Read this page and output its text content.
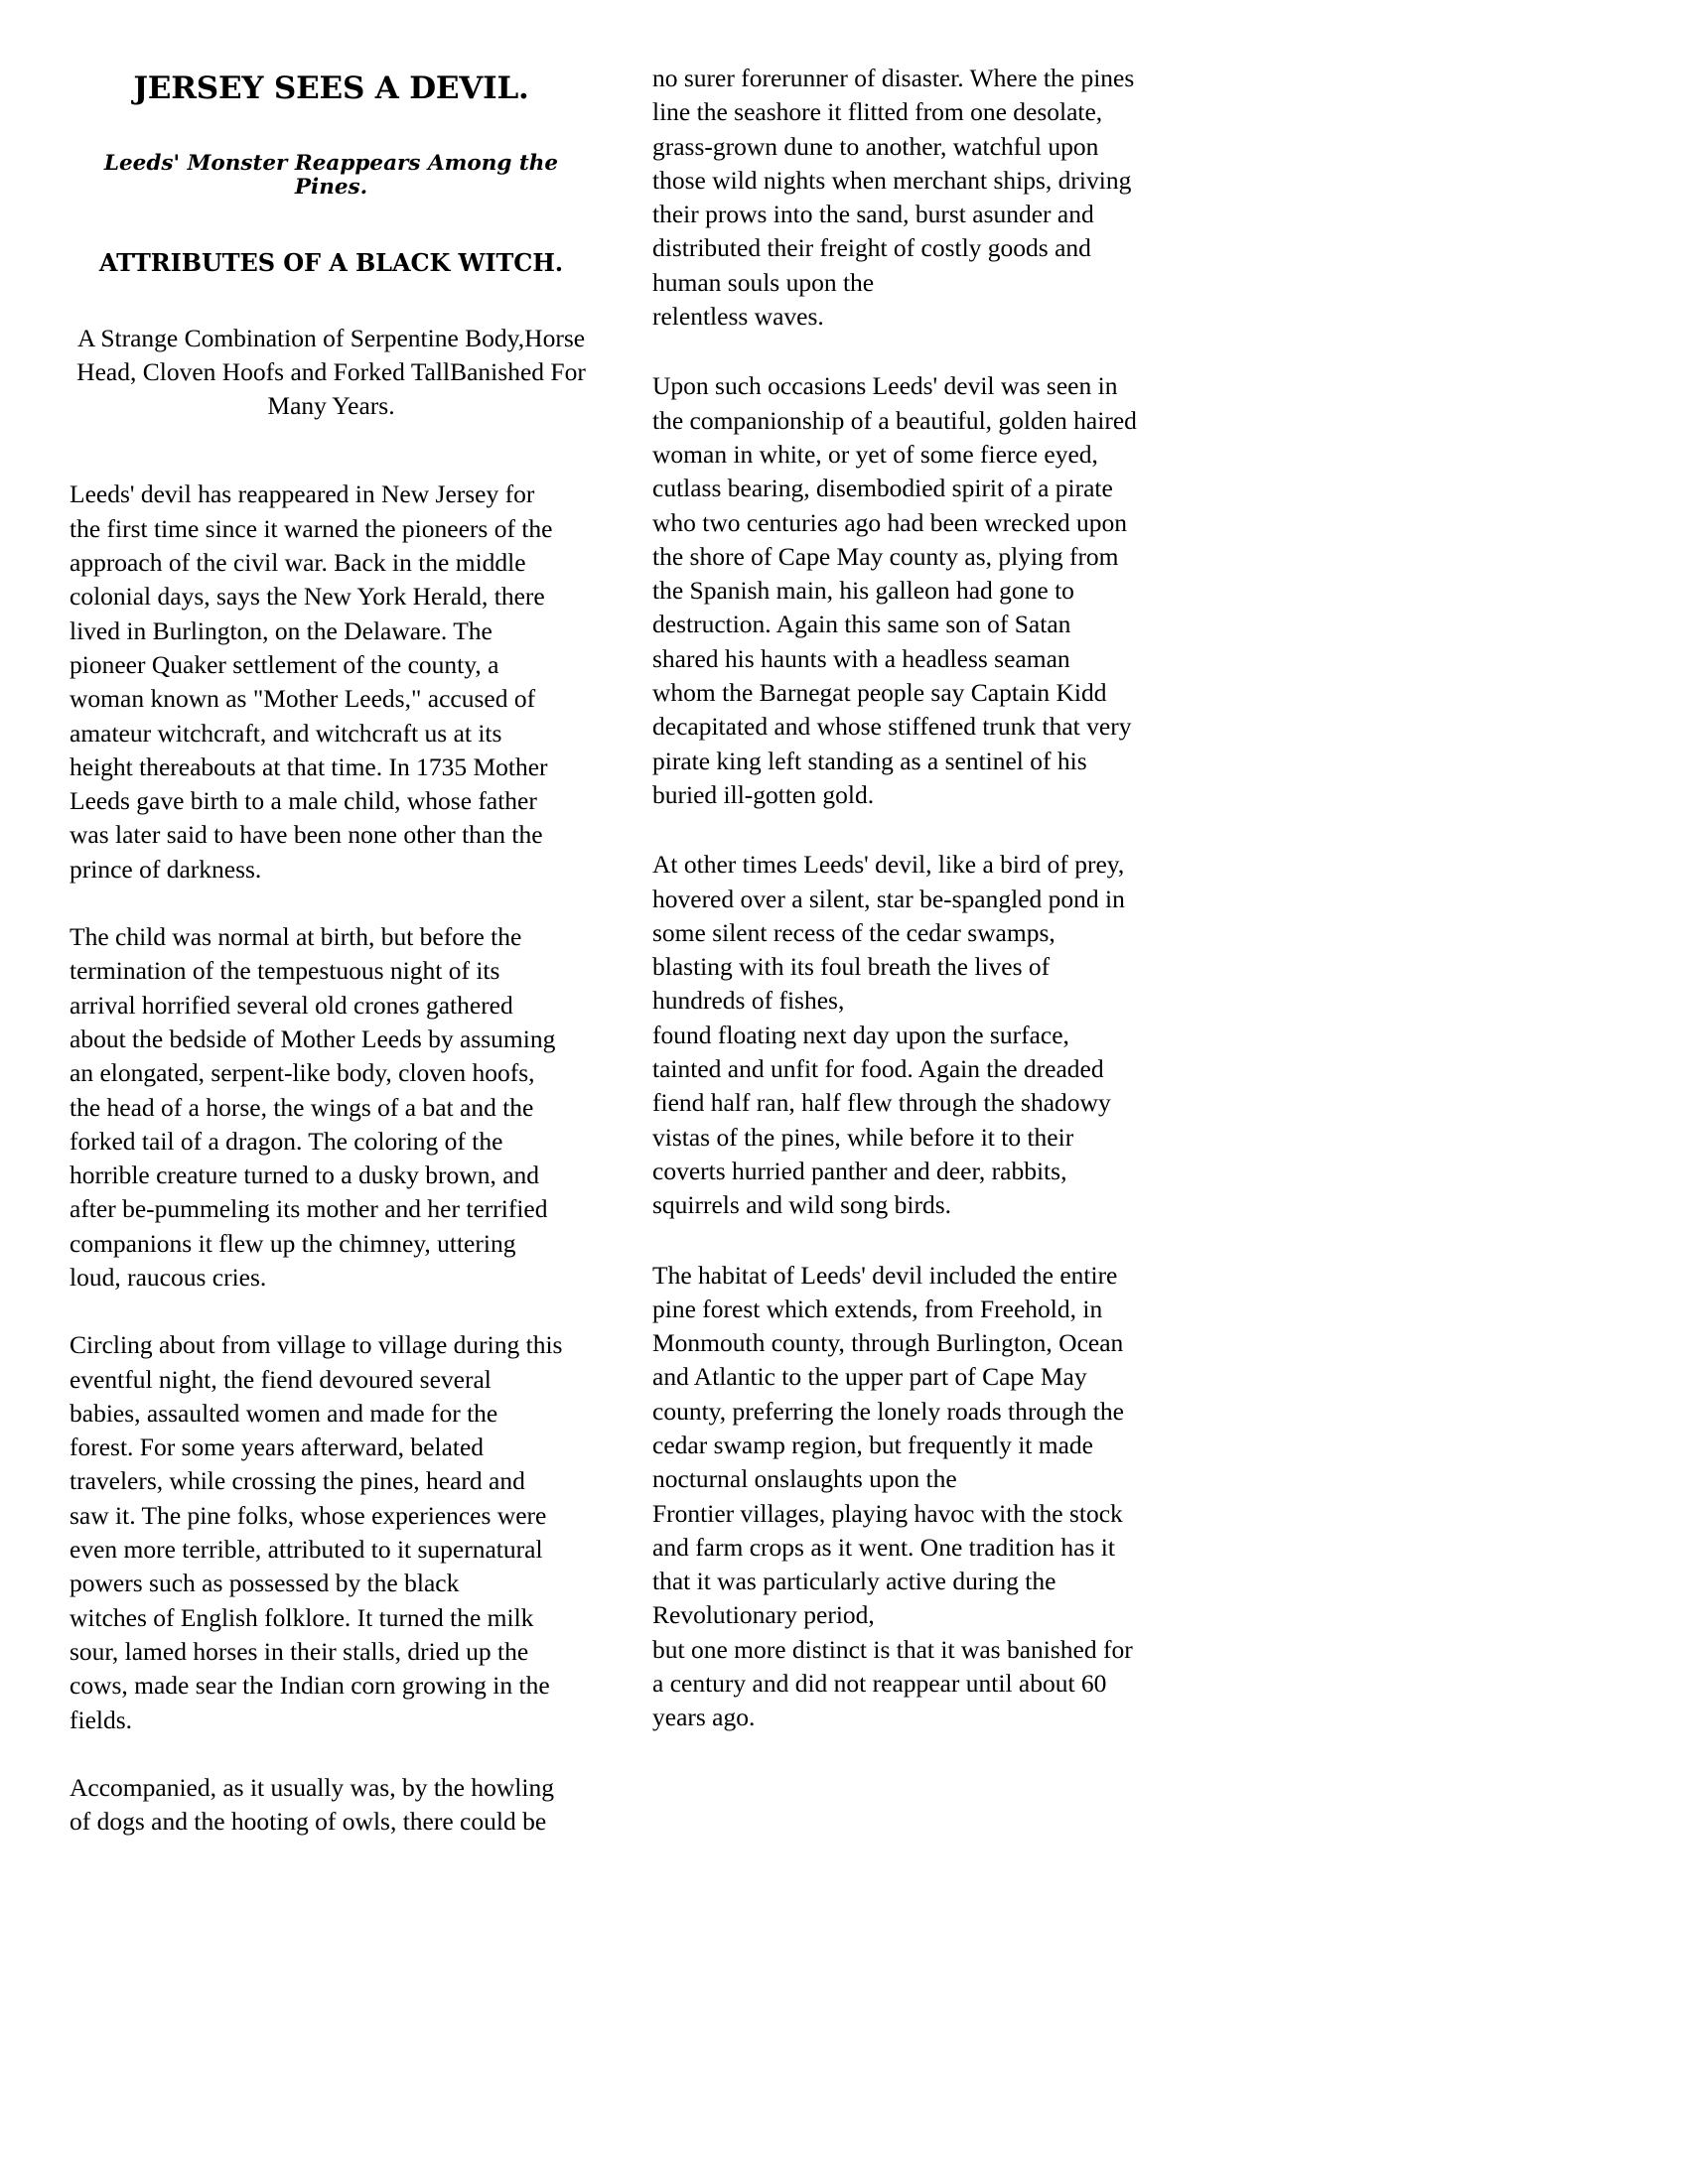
JERSEY SEES A DEVIL.
Leeds' Monster Reappears Among the Pines.
ATTRIBUTES OF A BLACK WITCH.
A Strange Combination of Serpentine Body,Horse Head, Cloven Hoofs and Forked TallBanished For Many Years.
Leeds' devil has reappeared in New Jersey for
the first time since it warned the pioneers of the
approach of the civil war. Back in the middle
colonial days, says the New York Herald, there
lived in Burlington, on the Delaware. The
pioneer Quaker settlement of the county, a
woman known as "Mother Leeds," accused of
amateur witchcraft, and witchcraft us at its
height thereabouts at that time. In 1735 Mother
Leeds gave birth to a male child, whose father
was later said to have been none other than the
prince of darkness.
The child was normal at birth, but before the
termination of the tempestuous night of its
arrival horrified several old crones gathered
about the bedside of Mother Leeds by assuming
an elongated, serpent-like body, cloven hoofs,
the head of a horse, the wings of a bat and the
forked tail of a dragon. The coloring of the
horrible creature turned to a dusky brown, and
after be-pummeling its mother and her terrified
companions it flew up the chimney, uttering
loud, raucous cries.
Circling about from village to village during this
eventful night, the fiend devoured several
babies, assaulted women and made for the
forest. For some years afterward, belated
travelers, while crossing the pines, heard and
saw it. The pine folks, whose experiences were
even more terrible, attributed to it supernatural
powers such as possessed by the black
witches of English folklore. It turned the milk
sour, lamed horses in their stalls, dried up the
cows, made sear the Indian corn growing in the
fields.
Accompanied, as it usually was, by the howling
of dogs and the hooting of owls, there could be
no surer forerunner of disaster. Where the pines
line the seashore it flitted from one desolate,
grass-grown dune to another, watchful upon
those wild nights when merchant ships, driving
their prows into the sand, burst asunder and
distributed their freight of costly goods and
human souls upon the
relentless waves.
Upon such occasions Leeds' devil was seen in
the companionship of a beautiful, golden haired
woman in white, or yet of some fierce eyed,
cutlass bearing, disembodied spirit of a pirate
who two centuries ago had been wrecked upon
the shore of Cape May county as, plying from
the Spanish main, his galleon had gone to
destruction. Again this same son of Satan
shared his haunts with a headless seaman
whom the Barnegat people say Captain Kidd
decapitated and whose stiffened trunk that very
pirate king left standing as a sentinel of his
buried ill-gotten gold.
At other times Leeds' devil, like a bird of prey,
hovered over a silent, star be-spangled pond in
some silent recess of the cedar swamps,
blasting with its foul breath the lives of
hundreds of fishes,
found floating next day upon the surface,
tainted and unfit for food. Again the dreaded
fiend half ran, half flew through the shadowy
vistas of the pines, while before it to their
coverts hurried panther and deer, rabbits,
squirrels and wild song birds.
The habitat of Leeds' devil included the entire
pine forest which extends, from Freehold, in
Monmouth county, through Burlington, Ocean
and Atlantic to the upper part of Cape May
county, preferring the lonely roads through the
cedar swamp region, but frequently it made
nocturnal onslaughts upon the
Frontier villages, playing havoc with the stock
and farm crops as it went. One tradition has it
that it was particularly active during the
Revolutionary period,
but one more distinct is that it was banished for
a century and did not reappear until about 60
years ago.
